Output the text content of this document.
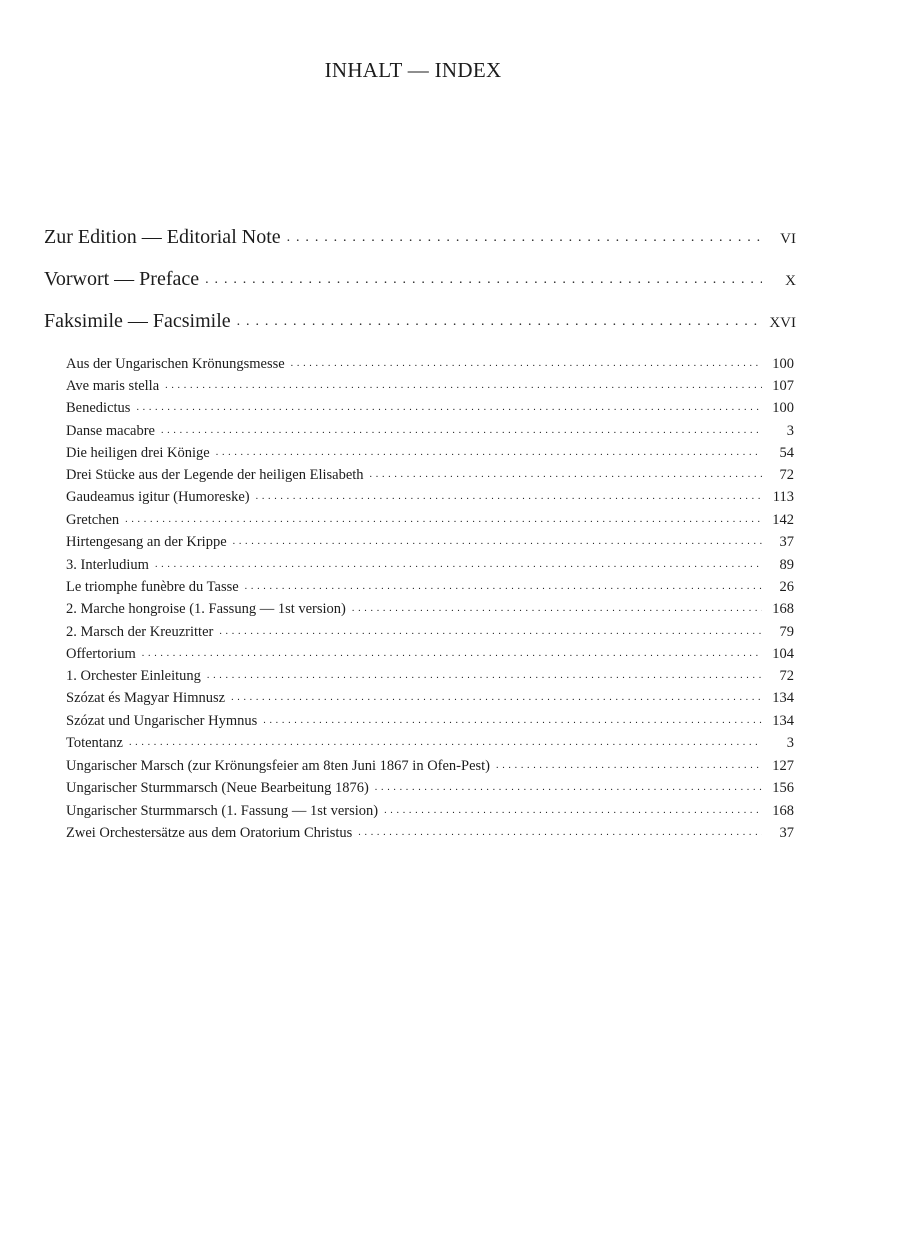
INHALT — INDEX
Zur Edition — Editorial Note . . .	VI
Vorwort — Preface . . .	X
Faksimile — Facsimile . . .	XVI
Aus der Ungarischen Krönungsmesse . . .	100
Ave maris stella . . .	107
Benedictus . . .	100
Danse macabre . . .	3
Die heiligen drei Könige . . .	54
Drei Stücke aus der Legende der heiligen Elisabeth . . .	72
Gaudeamus igitur (Humoreske) . . .	113
Gretchen . . .	142
Hirtengesang an der Krippe . . .	37
3. Interludium . . .	89
Le triomphe funèbre du Tasse . . .	26
2. Marche hongroise (1. Fassung — 1st version) . . .	168
2. Marsch der Kreuzritter . . .	79
Offertorium . . .	104
1. Orchester Einleitung . . .	72
Szózat és Magyar Himnusz . . .	134
Szózat und Ungarischer Hymnus . . .	134
Totentanz . . .	3
Ungarischer Marsch (zur Krönungsfeier am 8ten Juni 1867 in Ofen-Pest) . . .	127
Ungarischer Sturmmarsch (Neue Bearbeitung 1876) . . .	156
Ungarischer Sturmmarsch (1. Fassung — 1st version) . . .	168
Zwei Orchestersätze aus dem Oratorium Christus . . .	37
